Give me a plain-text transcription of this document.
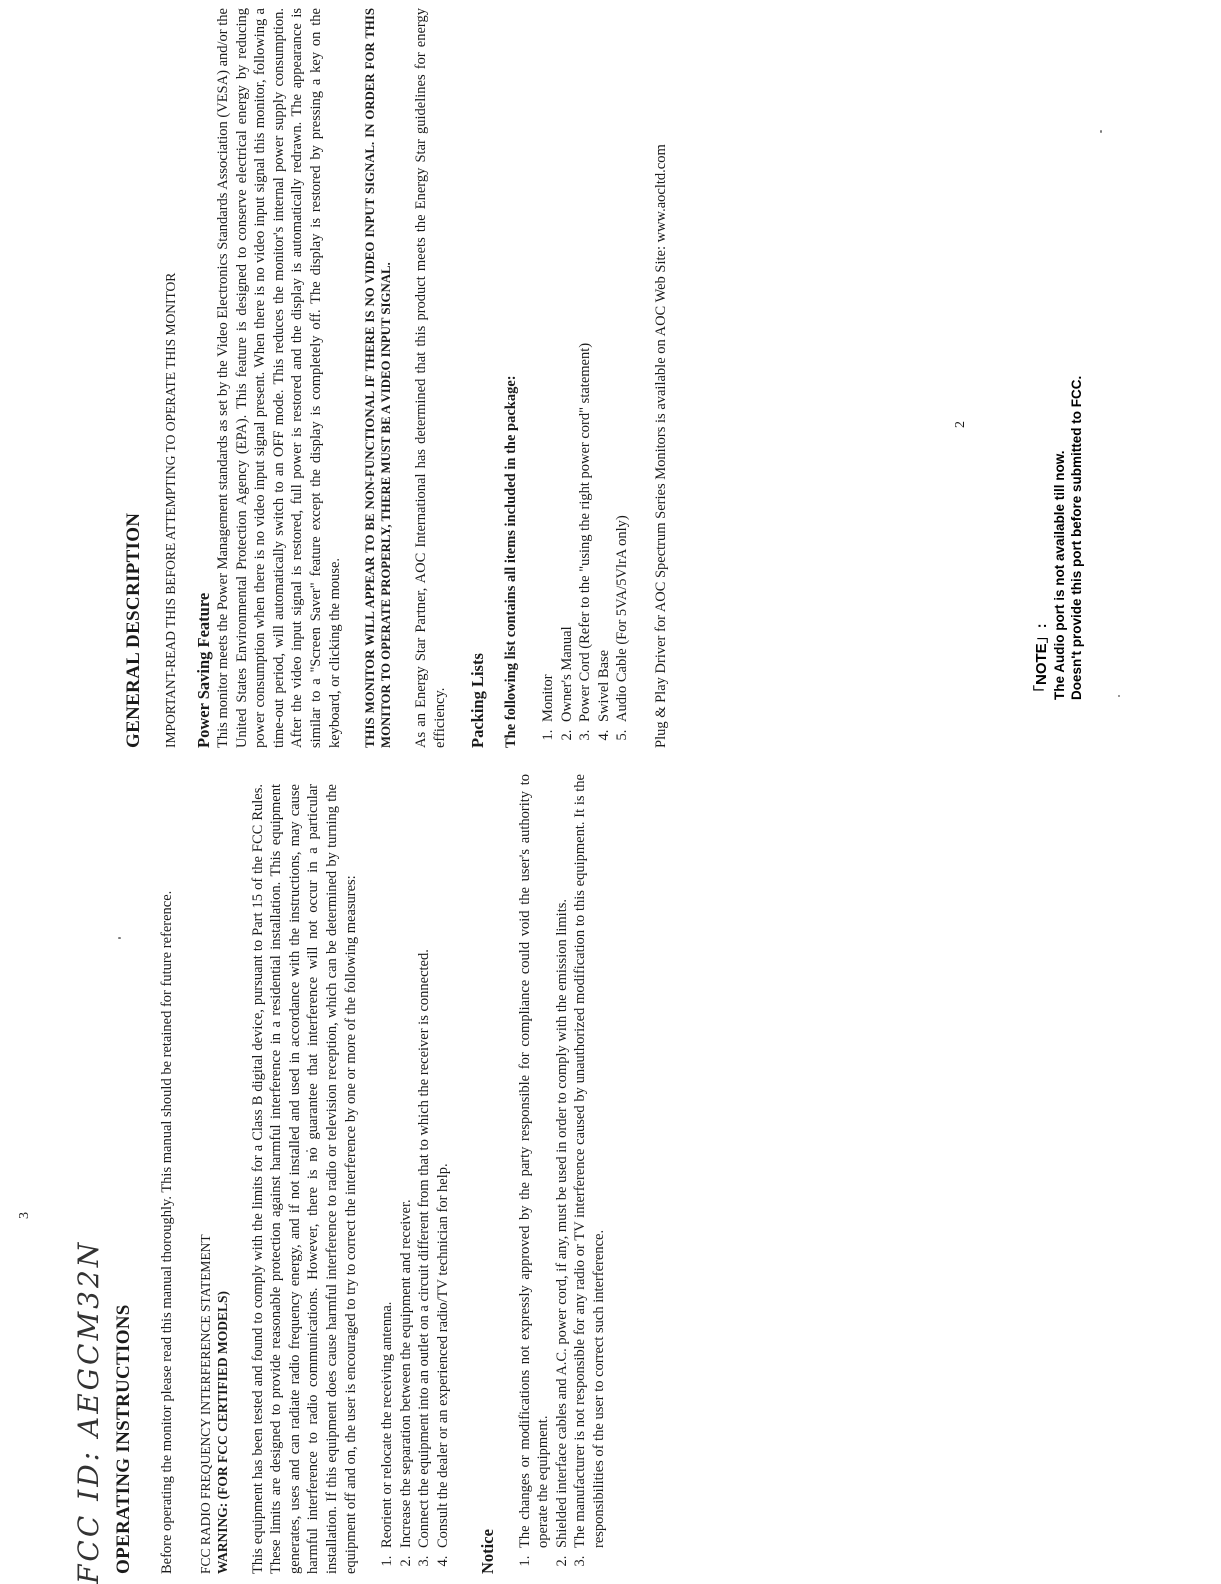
FCC ID: AEGCM32N OPERATING INSTRUCTIONS Before operating the monitor please read this manual thoroughly. This manual should be retained for future reference. FCC RADIO FREQUENCY INTERFERENCE STATEMENT WARNING: (FOR FCC CERTIFIED MODELS) This equipment has been tested and found to comply with the limits for a Class B digital device, pursuant to Part 15 of the FCC Rules. These limits are designed to provide reasonable protection against harmful interference in a residential installation. This equipment generates, uses and can radiate radio frequency energy, and if not installed and used in accordance with the instructions, may cause harmful interference to radio communications. However, there is no guarantee that interference will not occur in a particular installation. If this equipment does cause harmful interference to radio or television reception, which can be determined by turning the equipment off and on, the user is encouraged to try to correct the interference by one or more of the following measures: 1. Reorient or relocate the receiving antenna. 2. Increase the separation between the equipment and receiver. 3. Connect the equipment into an outlet on a circuit different from that to which the receiver is connected. 4. Consult the dealer or an experienced radio/TV technician for help.
Notice
1. The changes or modifications not expressly approved by the party responsible for compliance could void the user's authority to operate the equipment. 2. Shielded interface cables and A.C. power cord, if any, must be used in order to comply with the emission limits. 3. The manufacturer is not responsible for any radio or TV interference caused by unauthorized modification to this equipment. It is the responsibilities of the user to correct such interference.
3
GENERAL DESCRIPTION IMPORTANT-READ THIS BEFORE ATTEMPTING TO OPERATE THIS MONITOR Power Saving Feature This monitor meets the Power Management standards as set by the Video Electronics Standards Association (VESA) and/or the United States Environmental Protection Agency (EPA). This feature is designed to conserve electrical energy by reducing power consumption when there is no video input signal present. When there is no video input signal this monitor, following a time-out period, will automatically switch to an OFF mode. This reduces the monitor's internal power supply consumption. After the video input signal is restored, full power is restored and the display is automatically redrawn. The appearance is similar to a "Screen Saver" feature except the display is completely off. The display is restored by pressing a key on the keyboard, or clicking the mouse. THIS MONITOR WILL APPEAR TO BE NON-FUNCTIONAL IF THERE IS NO VIDEO INPUT SIGNAL. IN ORDER FOR THIS MONITOR TO OPERATE PROPERLY, THERE MUST BE A VIDEO INPUT SIGNAL. As an Energy Star Partner, AOC International has determined that this product meets the Energy Star guidelines for energy efficiency. Packing Lists The following list contains all items included in the package: 1. Monitor 2. Owner's Manual 3. Power Cord (Refer to the "using the right power cord" statement) 4. Swivel Base 5. Audio Cable (For 5VA/5VlrA only) Plug & Play Driver for AOC Spectrum Series Monitors is available on AOC Web Site: www.aocltd.com	2
「NOTE」: The Audio port is not available till now. Doesn't provide this port before submitted to FCC.
